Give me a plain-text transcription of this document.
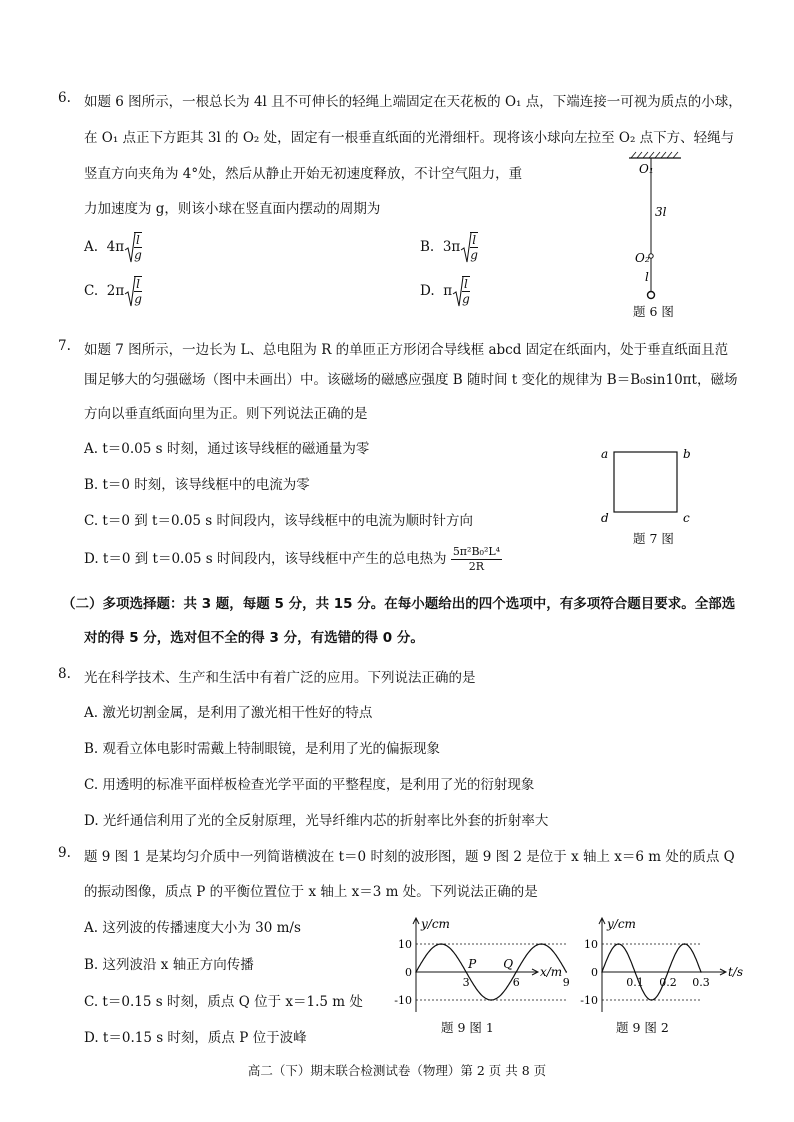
6. 如题 6 图所示，一根总长为 4l 且不可伸长的轻绳上端固定在天花板的 O₁ 点，下端连接一可视为质点的小球，
在 O₁ 点正下方距其 3l 的 O₂ 处，固定有一根垂直纸面的光滑细杆。现将该小球向左拉至 O₂ 点下方、轻绳与
竖直方向夹角为 4°处，然后从静止开始无初速度释放，不计空气阻力，重
力加速度为 g，则该小球在竖直面内摆动的周期为
A. $4\pi \frac{l}{g}$	B. $3\pi \frac{l}{g}$
C. $2\pi \frac{l}{g}$	D. π $\frac{l}{g}$
O₁
3l
O₂
l
题 6 图
7. 如题 7 图所示，一边长为 L、总电阻为 R 的单匝正方形闭合导线框 abcd 固定在纸面内，处于垂直纸面且范
围足够大的匀强磁场（图中未画出）中。该磁场的磁感应强度 B 随时间 t 变化的规律为 B＝B₀sin10πt，磁场
方向以垂直纸面向里为正。则下列说法正确的是
A. t＝0.05 s 时刻，通过该导线框的磁通量为零
B. t＝0 时刻，该导线框中的电流为零
C. t＝0 到 t＝0.05 s 时间段内，该导线框中的电流为顺时针方向
D. t＝0 到 t＝0.05 s 时间段内，该导线框中产生的总电热为 $\frac{\text{5π²B₀²L⁴}}{2R}$
a	b
c
d
题 7 图
（二）多项选择题：共 3 题，每题 5 分，共 15 分。在每小题给出的四个选项中，有多项符合题目要求。全部选
对的得 5 分，选对但不全的得 3 分，有选错的得 0 分。
8. 光在科学技术、生产和生活中有着广泛的应用。下列说法正确的是
A. 激光切割金属，是利用了激光相干性好的特点
B. 观看立体电影时需戴上特制眼镜，是利用了光的偏振现象
C. 用透明的标准平面样板检查光学平面的平整程度，是利用了光的衍射现象
D. 光纤通信利用了光的全反射原理，光导纤维内芯的折射率比外套的折射率大
9. 题 9 图 1 是某均匀介质中一列简谐横波在 t＝0 时刻的波形图，题 9 图 2 是位于 x 轴上 x＝6 m 处的质点 Q
的振动图像，质点 P 的平衡位置位于 x 轴上 x＝3 m 处。下列说法正确的是
A. 这列波的传播速度大小为 30 m/s
B. 这列波沿 x 轴正方向传播
C. t＝0.15 s 时刻，质点 Q 位于 x＝1.5 m 处
D. t＝0.15 s 时刻，质点 P 位于波峰
y/cm
x/m
10
0
-10
3	6	9
P Q
题 9 图 1
y/cm
t/s
10
0
-10
0.1 0.2 0.3
题 9 图 2
高二（下）期末联合检测试卷（物理）第 2 页 共 8 页
